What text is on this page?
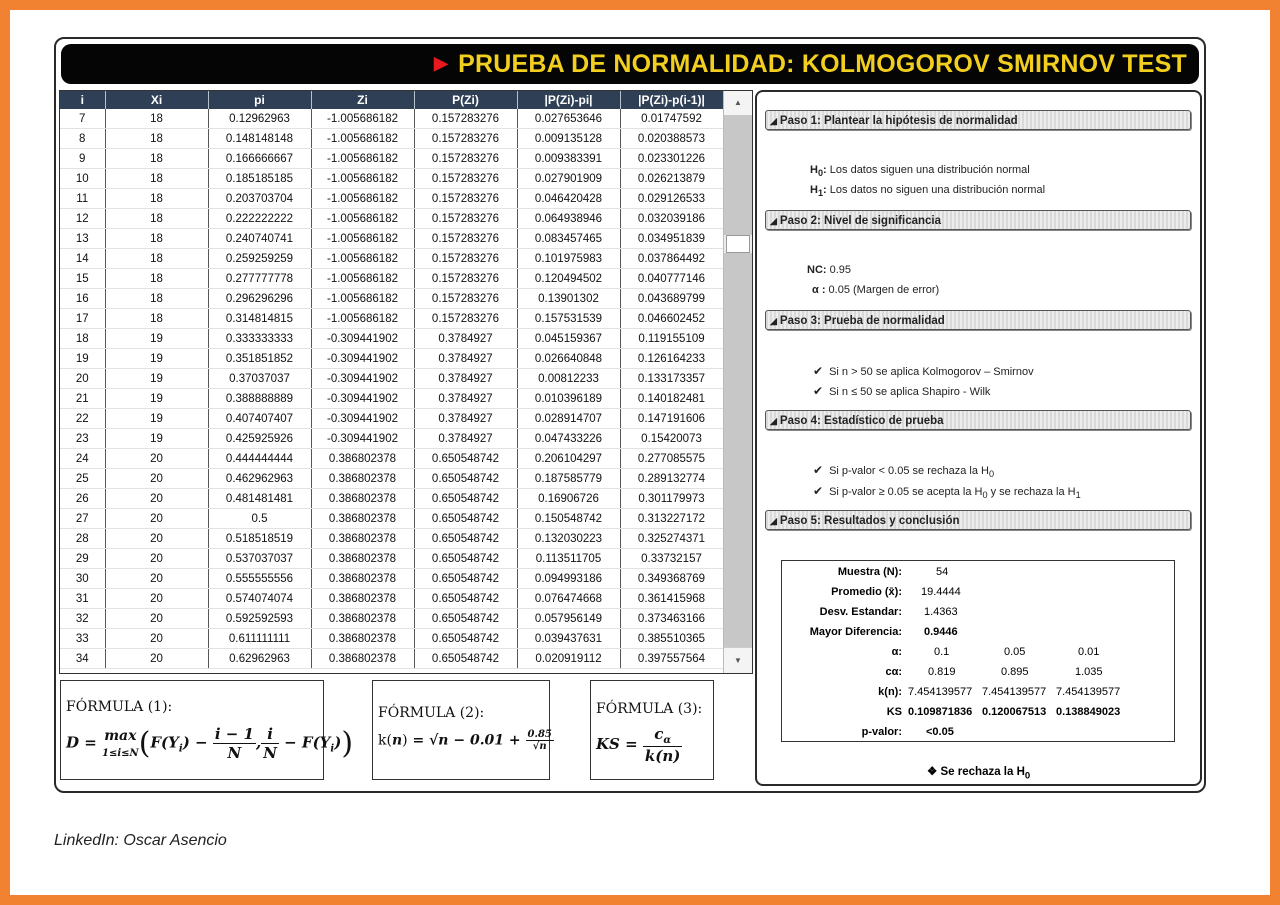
▶ PRUEBA DE NORMALIDAD: KOLMOGOROV SMIRNOV TEST
i	Xi	pi	Zi	P(Zi)	|P(Zi)-pi|	|P(Zi)-p(i-1)|
7	18	0.12962963	-1.005686182	0.157283276	0.027653646	0.01747592
8	18	0.148148148	-1.005686182	0.157283276	0.009135128	0.020388573
9	18	0.166666667	-1.005686182	0.157283276	0.009383391	0.023301226
10	18	0.185185185	-1.005686182	0.157283276	0.027901909	0.026213879
11	18	0.203703704	-1.005686182	0.157283276	0.046420428	0.029126533
12	18	0.222222222	-1.005686182	0.157283276	0.064938946	0.032039186
13	18	0.240740741	-1.005686182	0.157283276	0.083457465	0.034951839
14	18	0.259259259	-1.005686182	0.157283276	0.101975983	0.037864492
15	18	0.277777778	-1.005686182	0.157283276	0.120494502	0.040777146
16	18	0.296296296	-1.005686182	0.157283276	0.13901302	0.043689799
17	18	0.314814815	-1.005686182	0.157283276	0.157531539	0.046602452
18	19	0.333333333	-0.309441902	0.3784927	0.045159367	0.119155109
19	19	0.351851852	-0.309441902	0.3784927	0.026640848	0.126164233
20	19	0.37037037	-0.309441902	0.3784927	0.00812233	0.133173357
21	19	0.388888889	-0.309441902	0.3784927	0.010396189	0.140182481
22	19	0.407407407	-0.309441902	0.3784927	0.028914707	0.147191606
23	19	0.425925926	-0.309441902	0.3784927	0.047433226	0.15420073
24	20	0.444444444	0.386802378	0.650548742	0.206104297	0.277085575
25	20	0.462962963	0.386802378	0.650548742	0.187585779	0.289132774
26	20	0.481481481	0.386802378	0.650548742	0.16906726	0.301179973
27	20	0.5	0.386802378	0.650548742	0.150548742	0.313227172
28	20	0.518518519	0.386802378	0.650548742	0.132030223	0.325274371
29	20	0.537037037	0.386802378	0.650548742	0.113511705	0.33732157
30	20	0.555555556	0.386802378	0.650548742	0.094993186	0.349368769
31	20	0.574074074	0.386802378	0.650548742	0.076474668	0.361415968
32	20	0.592592593	0.386802378	0.650548742	0.057956149	0.373463166
33	20	0.611111111	0.386802378	0.650548742	0.039437631	0.385510365
34	20	0.62962963	0.386802378	0.650548742	0.020919112	0.397557564
▲
▼
FÓRMULA (1):
D = max
$1\le i\le N(F(Y_i) - \frac{i - 1}{N}$ , $\frac{i}{N} - F(Y_i)$)
FÓRMULA (2):
$k(n) = √n - 0.01 + \frac{0.85}{√n}$
FÓRMULA (3):
KS = $\frac{c_\alpha}{k(n)}$
◢ Paso 1: Plantear la hipótesis de normalidad
$H_0$: Los datos siguen una distribución normal
$H_1$: Los datos no siguen una distribución normal
◢ Paso 2: Nivel de significancia
NC: 0.95
α : 0.05 (Margen de error)
◢ Paso 3: Prueba de normalidad
✔ Si n > 50 se aplica Kolmogorov – Smirnov
✔ Si n ≤ 50 se aplica Shapiro - Wilk
◢ Paso 4: Estadístico de prueba
✔ Si p-valor < 0.05 se rechaza la $H_0$
✔ Si p-valor ≥ 0.05 se acepta la $H_0$ y se rechaza la $H_1$
◢ Paso 5: Resultados y conclusión
Muestra (N):	54
Promedio (x̄): 19.4444
Desv. Estandar: 1.4363
Mayor Diferencia: 0.9446
α:	0.1	0.05	0.01
cα: 0.819	0.895	1.035
k(n): 7.454139577 7.454139577 7.454139577
KS 0.109871836 0.120067513 0.138849023
p-valor: <0.05
❖ Se rechaza la $H_0$
LinkedIn: Oscar Asencio
